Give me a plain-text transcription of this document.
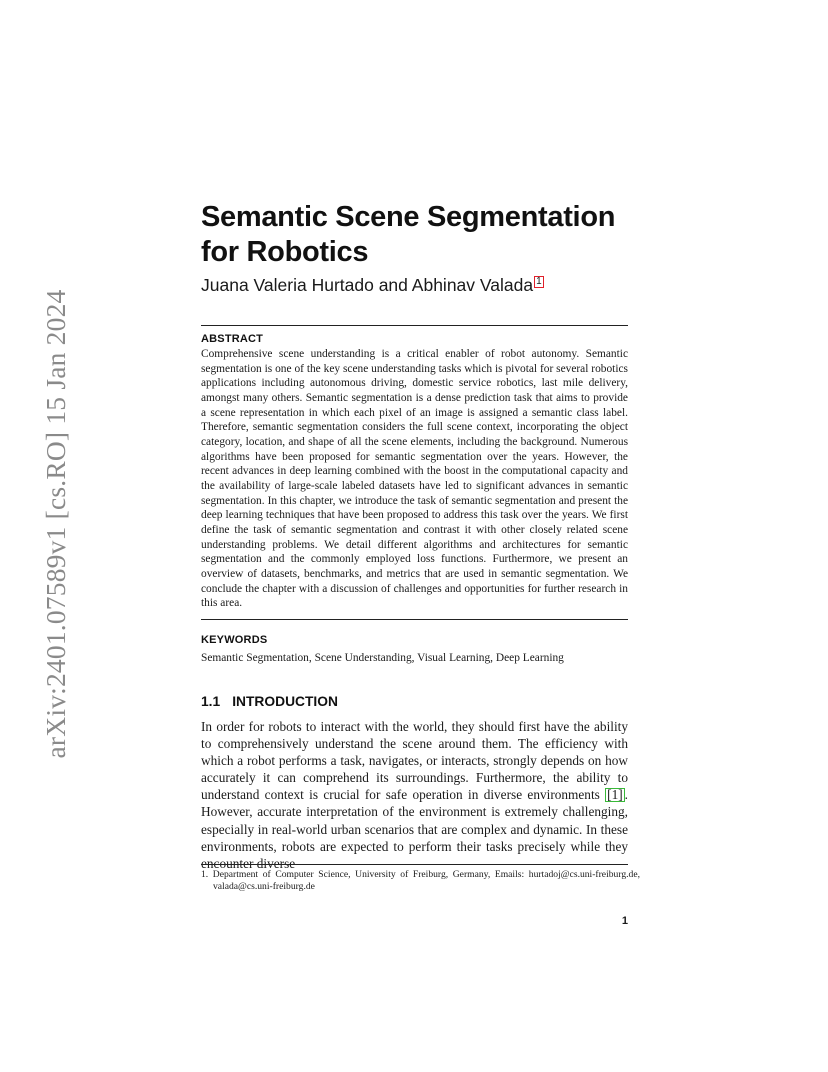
arXiv:2401.07589v1 [cs.RO] 15 Jan 2024
Semantic Scene Segmentation for Robotics
Juana Valeria Hurtado and Abhinav Valada 1
ABSTRACT

Comprehensive scene understanding is a critical enabler of robot autonomy. Semantic segmentation is one of the key scene understanding tasks which is pivotal for several robotics applications including autonomous driving, domestic service robotics, last mile delivery, amongst many others. Semantic segmentation is a dense prediction task that aims to provide a scene representation in which each pixel of an image is assigned a semantic class label. Therefore, semantic segmentation considers the full scene context, incorporating the object category, location, and shape of all the scene elements, including the background. Numerous algorithms have been proposed for semantic segmentation over the years. However, the recent advances in deep learning combined with the boost in the computational capacity and the availability of large-scale labeled datasets have led to significant advances in semantic segmentation. In this chapter, we introduce the task of semantic segmentation and present the deep learning techniques that have been proposed to address this task over the years. We first define the task of semantic segmentation and contrast it with other closely related scene understanding problems. We detail different algorithms and architectures for semantic segmentation and the commonly employed loss functions. Furthermore, we present an overview of datasets, benchmarks, and metrics that are used in semantic segmentation. We conclude the chapter with a discussion of challenges and opportunities for further research in this area.

KEYWORDS
Semantic Segmentation, Scene Understanding, Visual Learning, Deep Learning
1.1 INTRODUCTION

In order for robots to interact with the world, they should first have the ability to comprehensively understand the scene around them. The efficiency with which a robot performs a task, navigates, or interacts, strongly depends on how accurately it can comprehend its surroundings. Furthermore, the ability to understand context is crucial for safe operation in diverse environments [1] . However, accurate interpretation of the environment is extremely challenging, especially in real-world urban scenarios that are complex and dynamic. In these environments, robots are expected to perform their tasks precisely while they encounter diverse

1. Department of Computer Science, University of Freiburg, Germany, Emails: hurtadoj@cs.uni-freiburg.de, valada@cs.uni-freiburg.de
1
